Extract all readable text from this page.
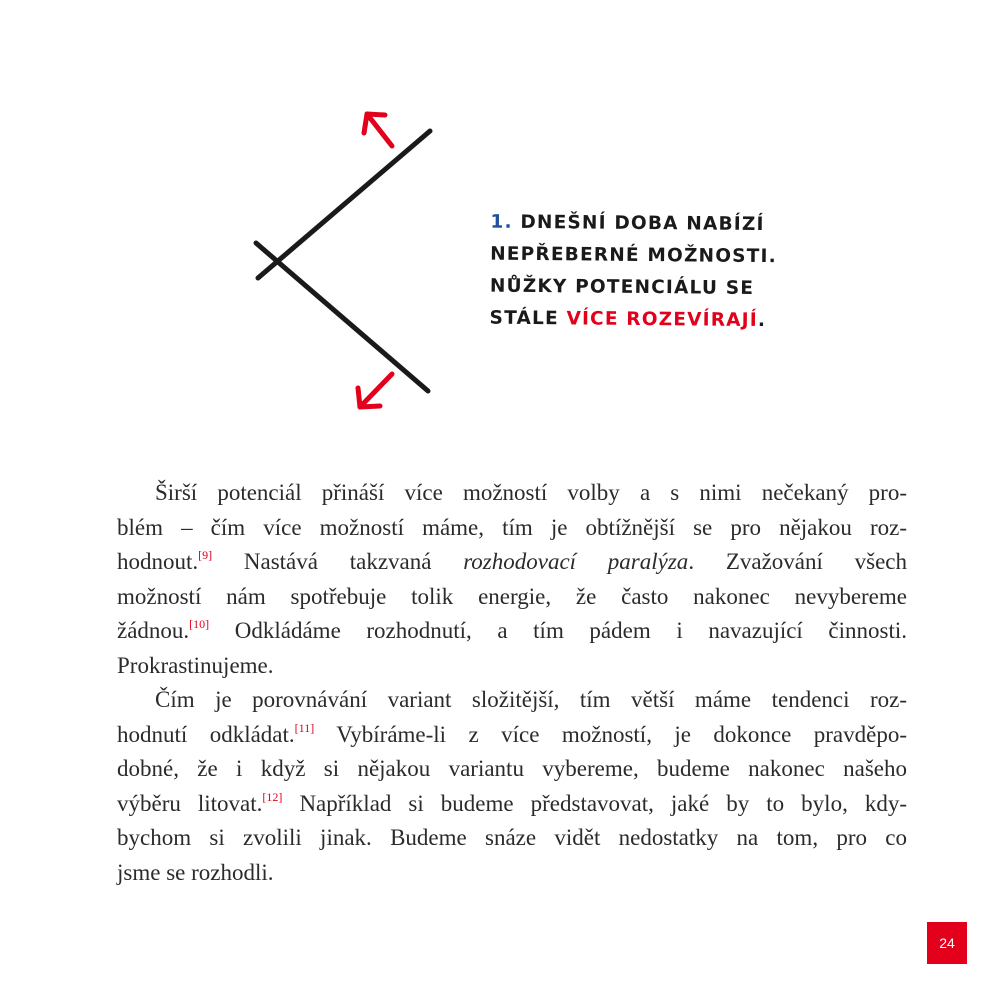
1. DNEŠNÍ DOBA NABÍZÍ
NEPŘEBERNÉ MOŽNOSTI.
NŮŽKY POTENCIÁLU SE
STÁLE VÍCE ROZEVÍRAJÍ.
Širší potenciál přináší více možností volby a s nimi nečekaný pro-
blém – čím více možností máme, tím je obtížnější se pro nějakou roz-
hodnout.[9] Nastává takzvaná rozhodovací paralýza. Zvažování všech
možností nám spotřebuje tolik energie, že často nakonec nevybereme
žádnou.[10] Odkládáme rozhodnutí, a tím pádem i navazující činnosti.
Prokrastinujeme.
Čím je porovnávání variant složitější, tím větší máme tendenci roz-
hodnutí odkládat.[11] Vybíráme-li z více možností, je dokonce pravděpo-
dobné, že i když si nějakou variantu vybereme, budeme nakonec našeho
výběru litovat.[12] Například si budeme představovat, jaké by to bylo, kdy-
bychom si zvolili jinak. Budeme snáze vidět nedostatky na tom, pro co
jsme se rozhodli.
24
